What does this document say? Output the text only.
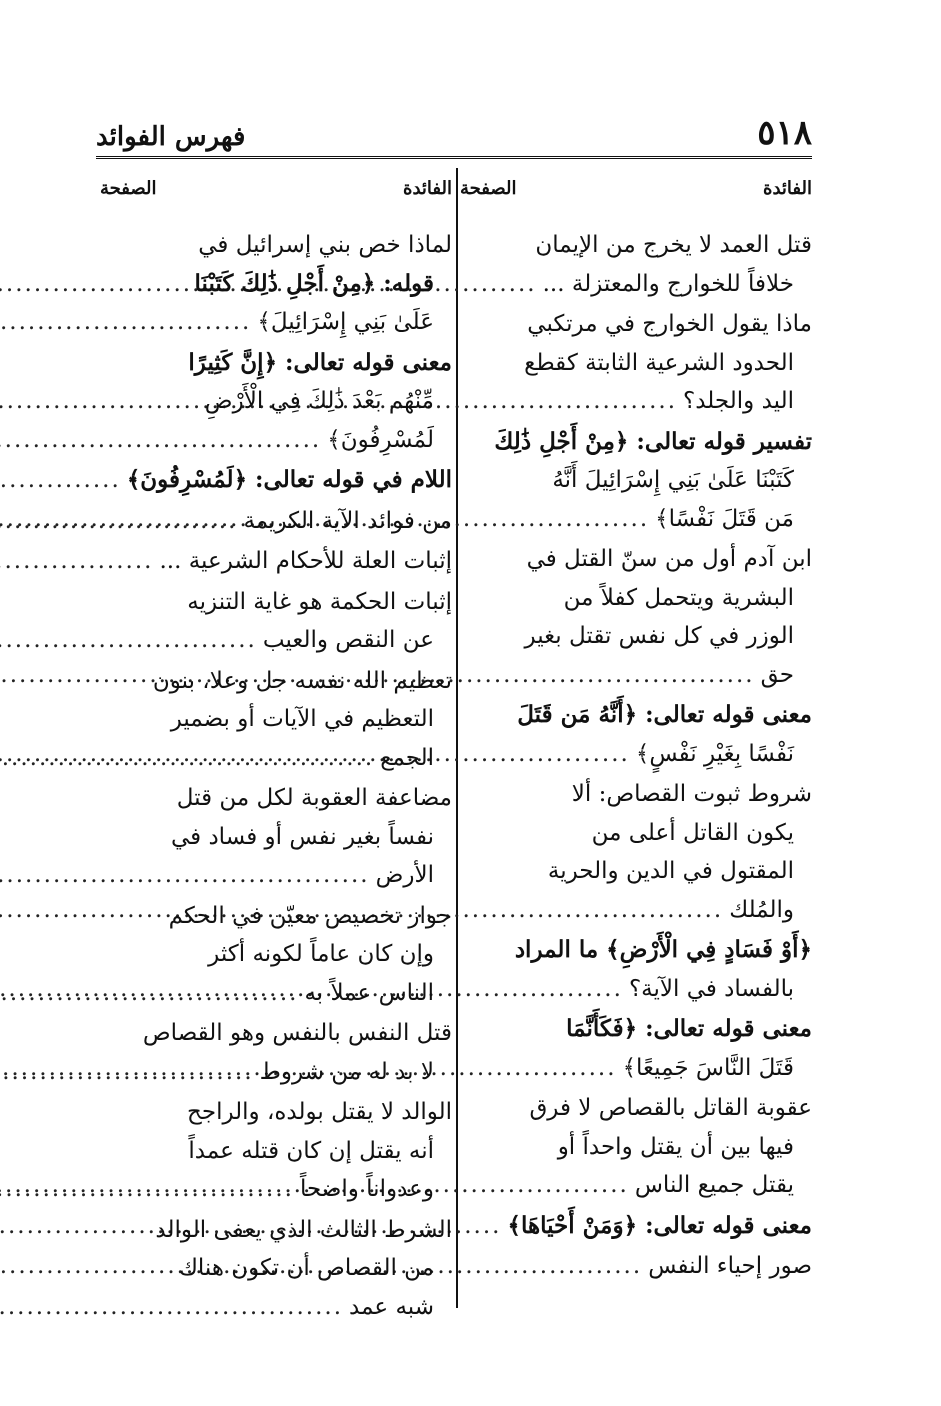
فهرس الفوائد	٥١٨
الفائدة
الصفحة
قتل العمد لا يخرج من الإيمان
خلافاً للخوارج والمعتزلة ...
.....
ماذا يقول الخوارج في مرتكبي
الحدود الشرعية الثابتة كقطع
اليد والجلد؟
.....
تفسير قوله تعالى: ﴿مِنْ أَجْلِ ذَٰلِكَ
كَتَبْنَا عَلَىٰ بَنِي إِسْرَائِيلَ أَنَّهُ
مَن قَتَلَ نَفْسًا﴾
.....
ابن آدم أول من سنّ القتل في
البشرية ويتحمل كفلاً من
الوزر في كل نفس تقتل بغير
حق
.....
معنى قوله تعالى: ﴿أَنَّهُ مَن قَتَلَ
نَفْسًا بِغَيْرِ نَفْسٍ﴾
.....
شروط ثبوت القصاص: ألا
يكون القاتل أعلى من
المقتول في الدين والحرية
والمُلك
.....
﴿أَوْ فَسَادٍ فِي الْأَرْضِ﴾ ما المراد
بالفساد في الآية؟
.....
معنى قوله تعالى: ﴿فَكَأَنَّمَا
قَتَلَ النَّاسَ جَمِيعًا﴾
.....
عقوبة القاتل بالقصاص لا فرق
فيها بين أن يقتل واحداً أو
يقتل جميع الناس
.....
معنى قوله تعالى: ﴿وَمَنْ أَحْيَاهَا﴾
.....
صور إحياء النفس
.....
الفائدة
الصفحة
لماذا خص بني إسرائيل في
قوله: ﴿مِنْ أَجْلِ ذَٰلِكَ كَتَبْنَا
عَلَىٰ بَنِي إِسْرَائِيلَ﴾
.....
معنى قوله تعالى: ﴿إِنَّ كَثِيرًا
مِّنْهُم بَعْدَ ذَٰلِكَ فِي الْأَرْضِ
لَمُسْرِفُونَ﴾
.....
اللام في قوله تعالى: ﴿لَمُسْرِفُونَ﴾
.....
من فوائد الآية الكريمة
.....
إثبات العلة للأحكام الشرعية ...
.....
إثبات الحكمة هو غاية التنزيه
عن النقص والعيب
.....
تعظيم الله نفسه جل وعلا، بنون
التعظيم في الآيات أو بضمير
الجمع
.....
مضاعفة العقوبة لكل من قتل
نفساً بغير نفس أو فساد في
الأرض
.....
جواز تخصيص معيّن في الحكم
وإن كان عاماً لكونه أكثر
الناس عملاً به
.....
قتل النفس بالنفس وهو القصاص
لا بد له من شروط
.....
الوالد لا يقتل بولده، والراجح
أنه يقتل إن كان قتله عمداً
وعدواناً واضحاً
.....
الشرط الثالث الذي يعفى الوالد
من القصاص أن تكون هناك
شبه عمد
.....
